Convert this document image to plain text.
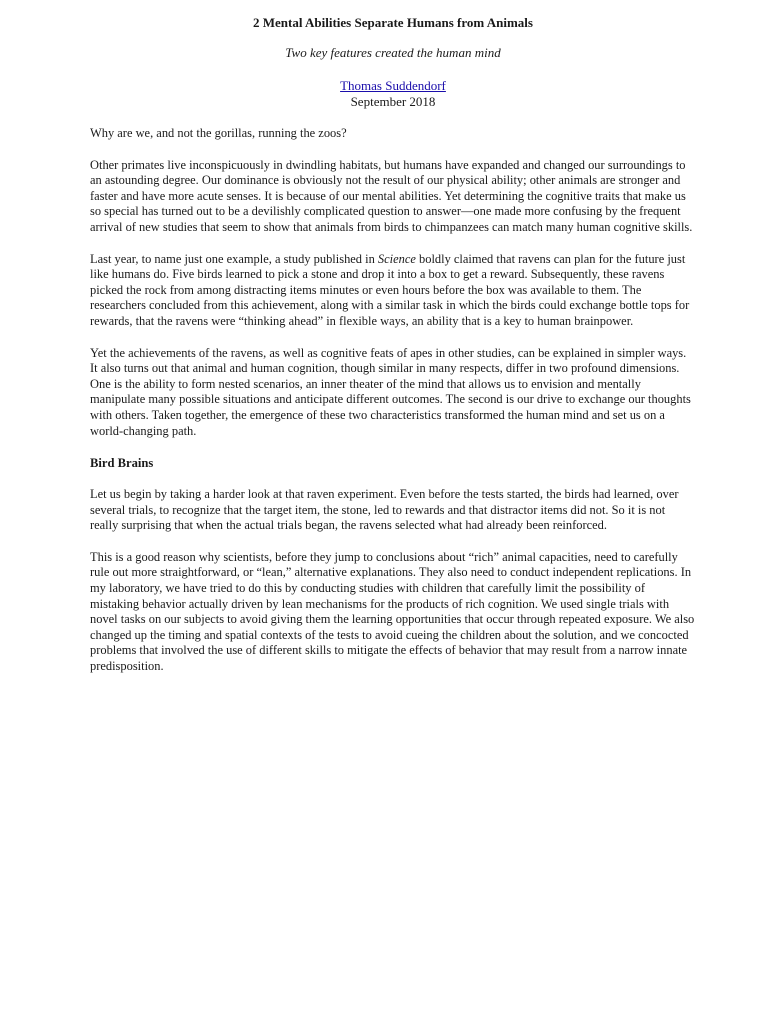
2 Mental Abilities Separate Humans from Animals

Two key features created the human mind

Thomas Suddendorf

September 2018

Why are we, and not the gorillas, running the zoos?

Other primates live inconspicuously in dwindling habitats, but humans have expanded and changed our surroundings to an astounding degree. Our dominance is obviously not the result of our physical ability; other animals are stronger and faster and have more acute senses. It is because of our mental abilities. Yet determining the cognitive traits that make us so special has turned out to be a devilishly complicated question to answer—one made more confusing by the frequent arrival of new studies that seem to show that animals from birds to chimpanzees can match many human cognitive skills.

Last year, to name just one example, a study published in Science boldly claimed that ravens can plan for the future just like humans do. Five birds learned to pick a stone and drop it into a box to get a reward. Subsequently, these ravens picked the rock from among distracting items minutes or even hours before the box was available to them. The researchers concluded from this achievement, along with a similar task in which the birds could exchange bottle tops for rewards, that the ravens were “thinking ahead” in flexible ways, an ability that is a key to human brainpower.

Yet the achievements of the ravens, as well as cognitive feats of apes in other studies, can be explained in simpler ways. It also turns out that animal and human cognition, though similar in many respects, differ in two profound dimensions. One is the ability to form nested scenarios, an inner theater of the mind that allows us to envision and mentally manipulate many possible situations and anticipate different outcomes. The second is our drive to exchange our thoughts with others. Taken together, the emergence of these two characteristics transformed the human mind and set us on a world-changing path.

Bird Brains

Let us begin by taking a harder look at that raven experiment. Even before the tests started, the birds had learned, over several trials, to recognize that the target item, the stone, led to rewards and that distractor items did not. So it is not really surprising that when the actual trials began, the ravens selected what had already been reinforced.

This is a good reason why scientists, before they jump to conclusions about “rich” animal capacities, need to carefully rule out more straightforward, or “lean,” alternative explanations. They also need to conduct independent replications. In my laboratory, we have tried to do this by conducting studies with children that carefully limit the possibility of mistaking behavior actually driven by lean mechanisms for the products of rich cognition. We used single trials with novel tasks on our subjects to avoid giving them the learning opportunities that occur through repeated exposure. We also changed up the timing and spatial contexts of the tests to avoid cueing the children about the solution, and we concocted problems that involved the use of different skills to mitigate the effects of behavior that may result from a narrow innate predisposition.
